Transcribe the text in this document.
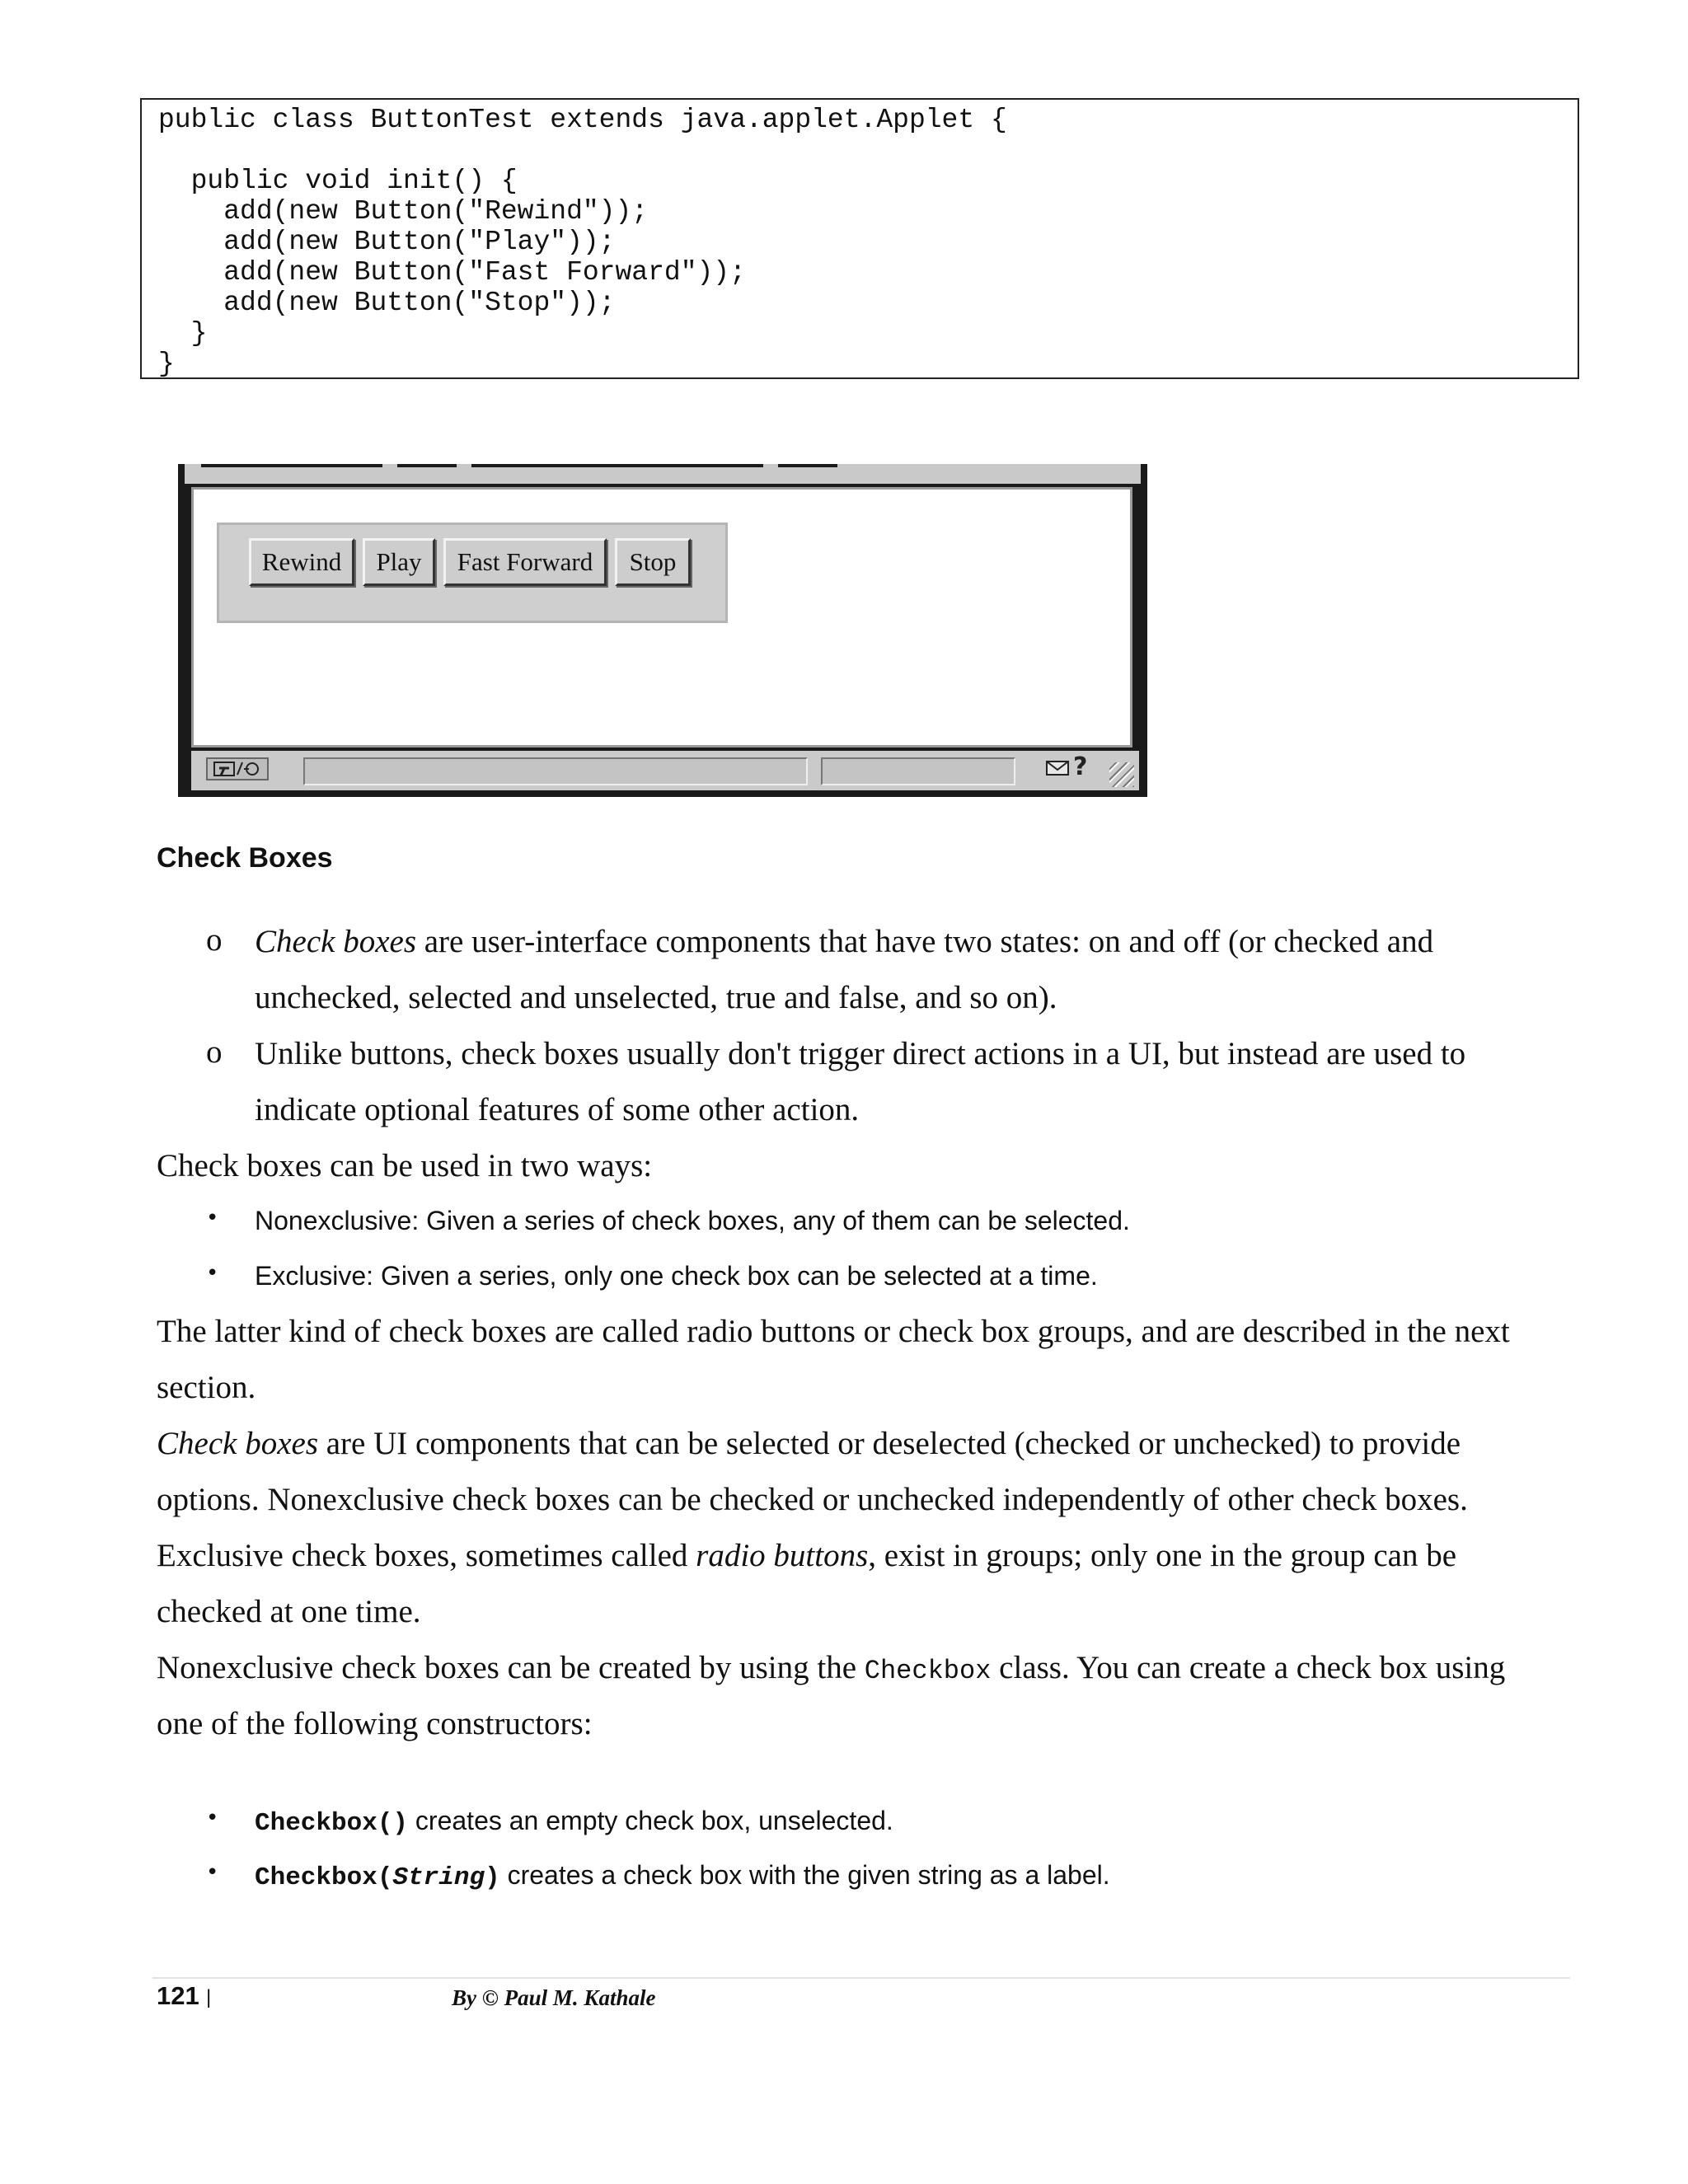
public class ButtonTest extends java.applet.Applet {
public void init() {
add(new Button("Rewind"));
add(new Button("Play"));
add(new Button("Fast Forward"));
add(new Button("Stop"));
}
}
Rewind	Play	Fast Forward	Stop
?
Check Boxes
o Check boxes are user-interface components that have two states: on and off (or checked and

unchecked, selected and unselected, true and false, and so on).

o Unlike buttons, check boxes usually don't trigger direct actions in a UI, but instead are used to

indicate optional features of some other action.

Check boxes can be used in two ways:

• Nonexclusive: Given a series of check boxes, any of them can be selected.

• Exclusive: Given a series, only one check box can be selected at a time.

The latter kind of check boxes are called radio buttons or check box groups, and are described in the next

section.

Check boxes are UI components that can be selected or deselected (checked or unchecked) to provide

options. Nonexclusive check boxes can be checked or unchecked independently of other check boxes.

Exclusive check boxes, sometimes called radio buttons, exist in groups; only one in the group can be

checked at one time.

Nonexclusive check boxes can be created by using the Checkbox class. You can create a check box using

one of the following constructors:

• Checkbox() creates an empty check box, unselected.

• Checkbox(String) creates a check box with the given string as a label.

121 |	By © Paul M. Kathale
